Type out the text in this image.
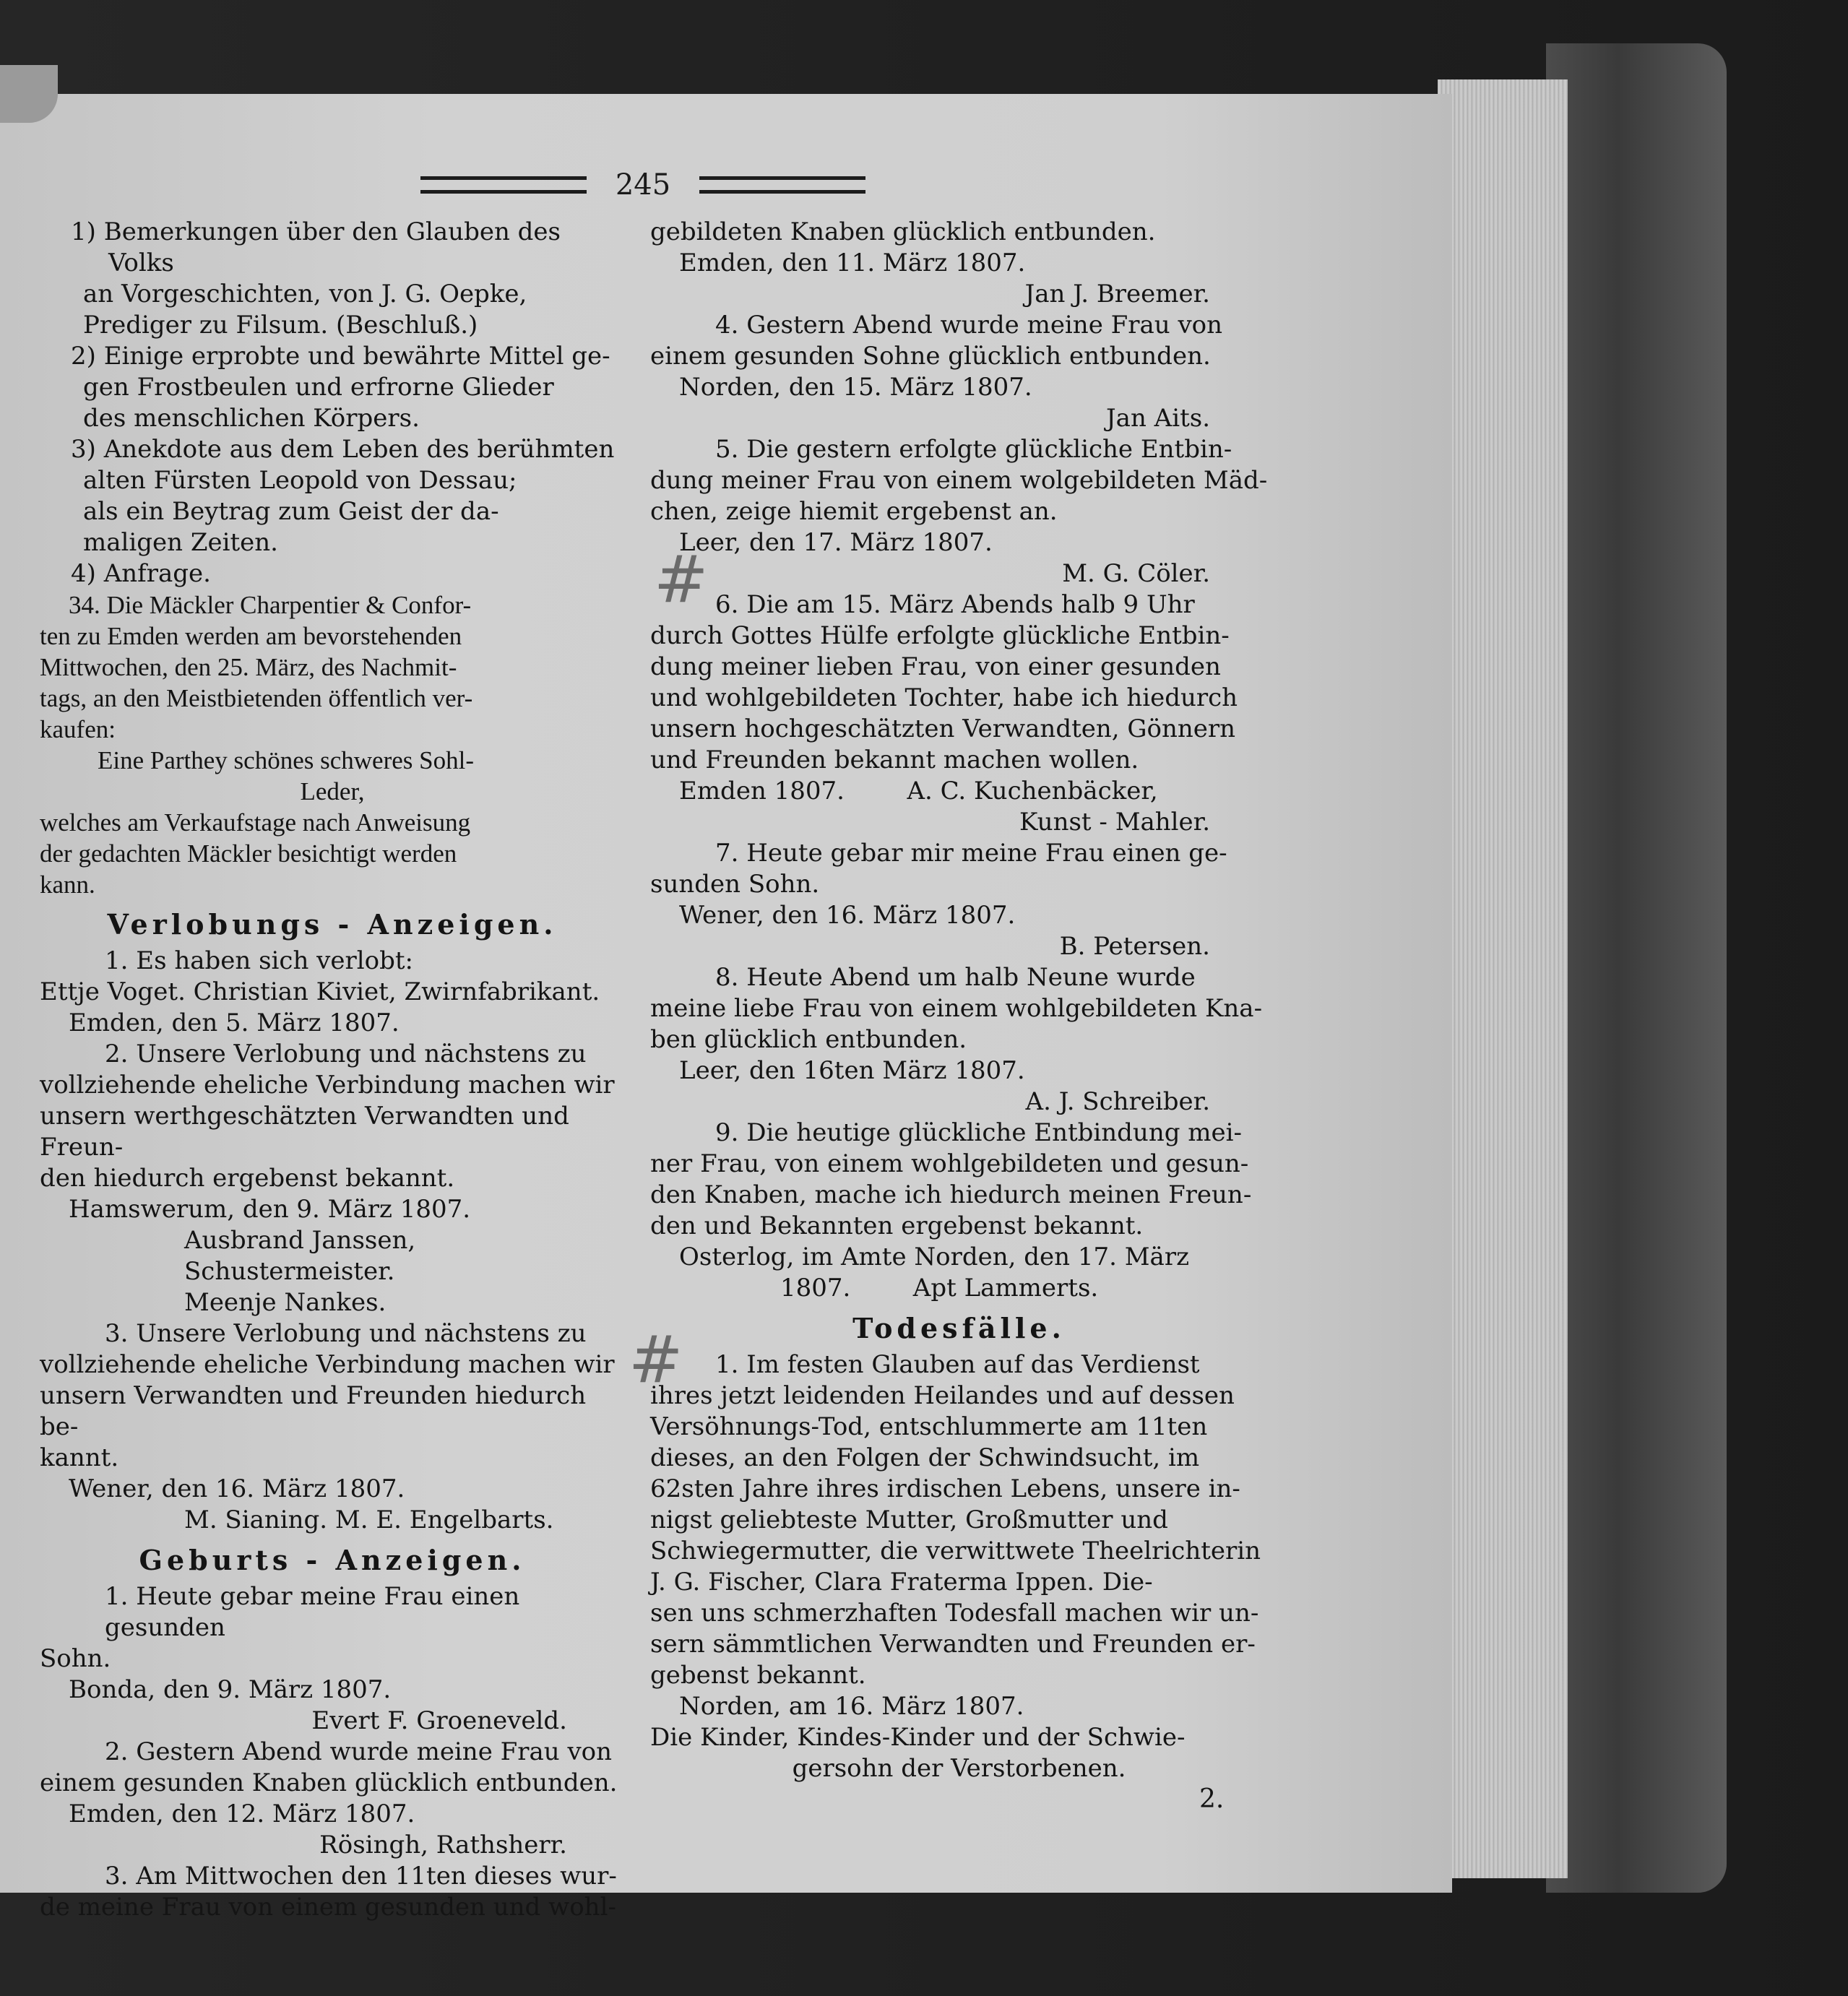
245
#
#

1) Bemerkungen über den Glauben des Volks

an Vorgeschichten, von J. G. Oepke,

Prediger zu Filsum. (Beschluß.)

2) Einige erprobte und bewährte Mittel ge-

gen Frostbeulen und erfrorne Glieder

des menschlichen Körpers.

3) Anekdote aus dem Leben des berühmten

alten Fürsten Leopold von Dessau;

als ein Beytrag zum Geist der da-

maligen Zeiten.

4) Anfrage.

34. Die Mäckler Charpentier & Confor-

ten zu Emden werden am bevorstehenden

Mittwochen, den 25. März, des Nachmit-

tags, an den Meistbietenden öffentlich ver-

kaufen:

Eine Parthey schönes schweres Sohl-

Leder,

welches am Verkaufstage nach Anweisung

der gedachten Mäckler besichtigt werden

kann.

Verlobungs - Anzeigen.

1. Es haben sich verlobt:

Ettje Voget. Christian Kiviet, Zwirnfabrikant.

Emden, den 5. März 1807.

2. Unsere Verlobung und nächstens zu

vollziehende eheliche Verbindung machen wir

unsern werthgeschätzten Verwandten und Freun-

den hiedurch ergebenst bekannt.

Hamswerum, den 9. März 1807.

Ausbrand Janssen, Schustermeister.

Meenje Nankes.

3. Unsere Verlobung und nächstens zu

vollziehende eheliche Verbindung machen wir

unsern Verwandten und Freunden hiedurch be-

kannt.

Wener, den 16. März 1807.

M. Sianing. M. E. Engelbarts.

Geburts - Anzeigen.

1. Heute gebar meine Frau einen gesunden

Sohn.

Bonda, den 9. März 1807.

Evert F. Groeneveld.

2. Gestern Abend wurde meine Frau von

einem gesunden Knaben glücklich entbunden.

Emden, den 12. März 1807.

Rösingh, Rathsherr.

3. Am Mittwochen den 11ten dieses wur-

de meine Frau von einem gesunden und wohl-

gebildeten Knaben glücklich entbunden.

Emden, den 11. März 1807.

Jan J. Breemer.

4. Gestern Abend wurde meine Frau von

einem gesunden Sohne glücklich entbunden.

Norden, den 15. März 1807.

Jan Aits.

5. Die gestern erfolgte glückliche Entbin-

dung meiner Frau von einem wolgebildeten Mäd-

chen, zeige hiemit ergebenst an.

Leer, den 17. März 1807.

M. G. Cöler.

6. Die am 15. März Abends halb 9 Uhr

durch Gottes Hülfe erfolgte glückliche Entbin-

dung meiner lieben Frau, von einer gesunden

und wohlgebildeten Tochter, habe ich hiedurch

unsern hochgeschätzten Verwandten, Gönnern

und Freunden bekannt machen wollen.

Emden 1807.        A. C. Kuchenbäcker,

Kunst - Mahler.

7. Heute gebar mir meine Frau einen ge-

sunden Sohn.

Wener, den 16. März 1807.

B. Petersen.

8. Heute Abend um halb Neune wurde

meine liebe Frau von einem wohlgebildeten Kna-

ben glücklich entbunden.

Leer, den 16ten März 1807.

A. J. Schreiber.

9. Die heutige glückliche Entbindung mei-

ner Frau, von einem wohlgebildeten und gesun-

den Knaben, mache ich hiedurch meinen Freun-

den und Bekannten ergebenst bekannt.

Osterlog, im Amte Norden, den 17. März

1807.        Apt Lammerts.

Todesfälle.

1. Im festen Glauben auf das Verdienst

ihres jetzt leidenden Heilandes und auf dessen

Versöhnungs-Tod, entschlummerte am 11ten

dieses, an den Folgen der Schwindsucht, im

62sten Jahre ihres irdischen Lebens, unsere in-

nigst geliebteste Mutter, Großmutter und

Schwiegermutter, die verwittwete Theelrichterin

J. G. Fischer, Clara Fraterma Ippen. Die-

sen uns schmerzhaften Todesfall machen wir un-

sern sämmtlichen Verwandten und Freunden er-

gebenst bekannt.

Norden, am 16. März 1807.

Die Kinder, Kindes-Kinder und der Schwie-

gersohn der Verstorbenen.

2.
